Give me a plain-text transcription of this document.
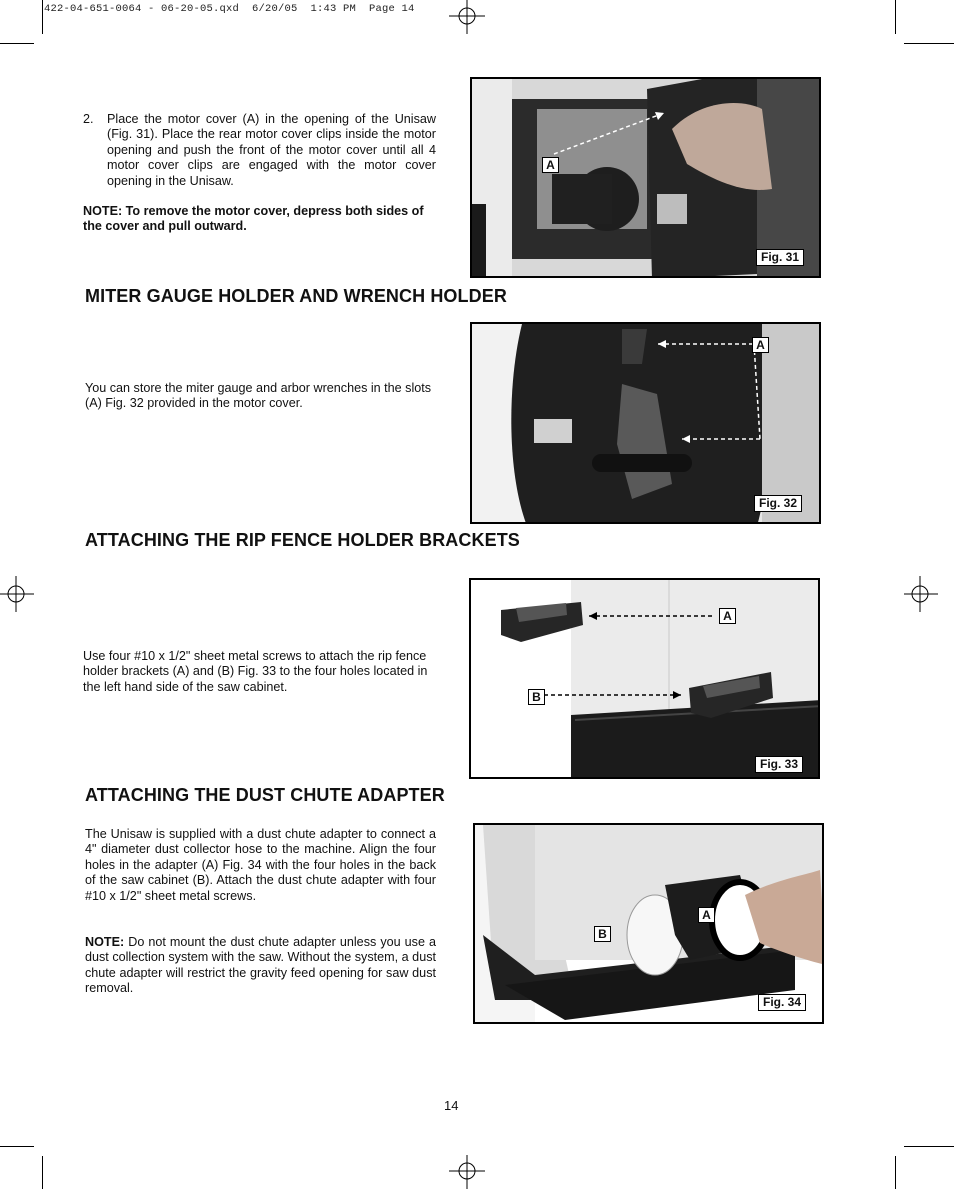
422-04-651-0064 - 06-20-05.qxd  6/20/05  1:43 PM  Page 14
2.	Place the motor cover (A) in the opening of the Unisaw (Fig. 31). Place the rear motor cover clips inside the motor opening and push the front of the motor cover until all 4 motor cover clips are engaged with the motor cover opening in the Unisaw.
NOTE: To remove the motor cover, depress both sides of the cover and pull outward.
A
Fig. 31
MITER GAUGE HOLDER AND WRENCH HOLDER
You can store the miter gauge and arbor wrenches in the slots (A) Fig. 32 provided in the motor cover.
A
Fig. 32
ATTACHING THE RIP FENCE HOLDER BRACKETS
Use four #10 x 1/2" sheet metal screws to attach the rip fence holder brackets (A) and (B) Fig. 33 to the four holes located in the left hand side of the saw cabinet.
A
B
Fig. 33
ATTACHING THE DUST CHUTE ADAPTER
The Unisaw is supplied with a dust chute adapter to connect a 4" diameter dust collector hose to the machine. Align the four holes in the adapter (A) Fig. 34 with the four holes in the back of the saw cabinet (B). Attach the dust chute adapter with four #10 x 1/2" sheet metal screws.
NOTE: Do not mount the dust chute adapter unless you use a dust collection system with the saw. Without the system, a dust chute adapter will restrict the gravity feed opening for saw dust removal.
A
B
Fig. 34
14
